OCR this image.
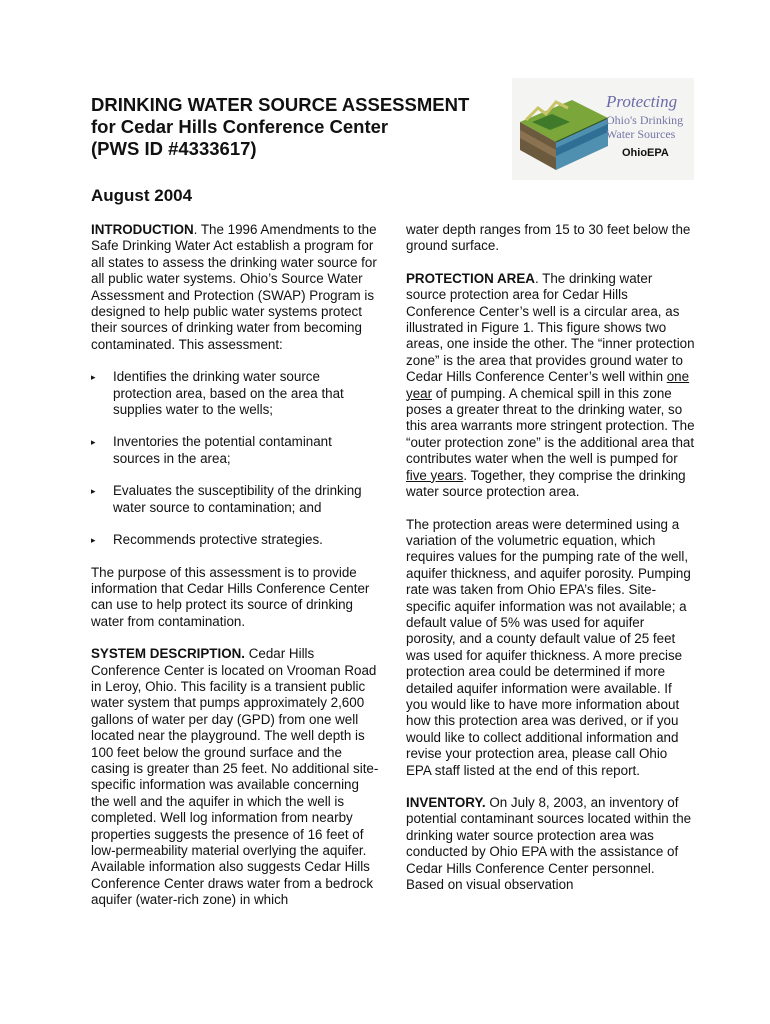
DRINKING WATER SOURCE ASSESSMENT
for Cedar Hills Conference Center
(PWS ID #4333617)
August 2004
Protecting
Ohio's Drinking
Water Sources
OhioEPA

INTRODUCTION. The 1996 Amendments to the Safe Drinking Water Act establish a program for all states to assess the drinking water source for all public water systems. Ohio’s Source Water Assessment and Protection (SWAP) Program is designed to help public water systems protect their sources of drinking water from becoming contaminated. This assessment:

▸ Identifies the drinking water source protection area, based on the area that supplies water to the wells;
▸ Inventories the potential contaminant sources in the area;
▸ Evaluates the susceptibility of the drinking water source to contamination; and
▸ Recommends protective strategies.

The purpose of this assessment is to provide information that Cedar Hills Conference Center can use to help protect its source of drinking water from contamination.

SYSTEM DESCRIPTION. Cedar Hills Conference Center is located on Vrooman Road in Leroy, Ohio. This facility is a transient public water system that pumps approximately 2,600 gallons of water per day (GPD) from one well located near the playground. The well depth is 100 feet below the ground surface and the casing is greater than 25 feet. No additional site-specific information was available concerning the well and the aquifer in which the well is completed. Well log information from nearby properties suggests the presence of 16 feet of low-permeability material overlying the aquifer. Available information also suggests Cedar Hills Conference Center draws water from a bedrock aquifer (water-rich zone) in which

water depth ranges from 15 to 30 feet below the ground surface.

PROTECTION AREA. The drinking water source protection area for Cedar Hills Conference Center’s well is a circular area, as illustrated in Figure 1. This figure shows two areas, one inside the other. The “inner protection zone” is the area that provides ground water to Cedar Hills Conference Center’s well within one year of pumping. A chemical spill in this zone poses a greater threat to the drinking water, so this area warrants more stringent protection. The “outer protection zone” is the additional area that contributes water when the well is pumped for five years. Together, they comprise the drinking water source protection area.

The protection areas were determined using a variation of the volumetric equation, which requires values for the pumping rate of the well, aquifer thickness, and aquifer porosity. Pumping rate was taken from Ohio EPA’s files. Site-specific aquifer information was not available; a default value of 5% was used for aquifer porosity, and a county default value of 25 feet was used for aquifer thickness. A more precise protection area could be determined if more detailed aquifer information were available. If you would like to have more information about how this protection area was derived, or if you would like to collect additional information and revise your protection area, please call Ohio EPA staff listed at the end of this report.

INVENTORY. On July 8, 2003, an inventory of potential contaminant sources located within the drinking water source protection area was conducted by Ohio EPA with the assistance of Cedar Hills Conference Center personnel. Based on visual observation
